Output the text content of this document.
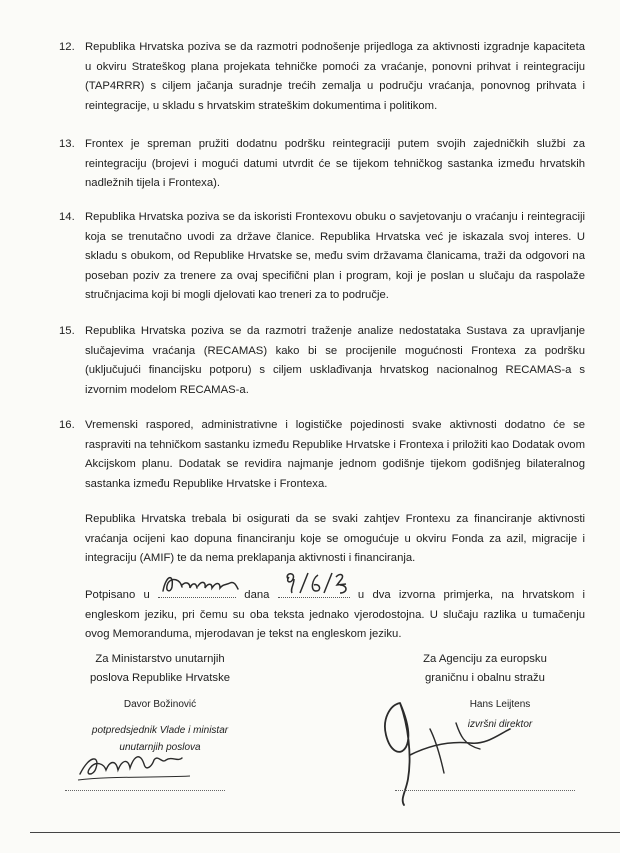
12. Republika Hrvatska poziva se da razmotri podnošenje prijedloga za aktivnosti izgradnje kapaciteta u okviru Strateškog plana projekata tehničke pomoći za vraćanje, ponovni prihvat i reintegraciju (TAP4RRR) s ciljem jačanja suradnje trećih zemalja u području vraćanja, ponovnog prihvata i reintegracije, u skladu s hrvatskim strateškim dokumentima i politikom.
13. Frontex je spreman pružiti dodatnu podršku reintegraciji putem svojih zajedničkih službi za reintegraciju (brojevi i mogući datumi utvrdit će se tijekom tehničkog sastanka između hrvatskih nadležnih tijela i Frontexa).
14. Republika Hrvatska poziva se da iskoristi Frontexovu obuku o savjetovanju o vraćanju i reintegraciji koja se trenutačno uvodi za države članice. Republika Hrvatska već je iskazala svoj interes. U skladu s obukom, od Republike Hrvatske se, među svim državama članicama, traži da odgovori na poseban poziv za trenere za ovaj specifični plan i program, koji je poslan u slučaju da raspolaže stručnjacima koji bi mogli djelovati kao treneri za to područje.
15. Republika Hrvatska poziva se da razmotri traženje analize nedostataka Sustava za upravljanje slučajevima vraćanja (RECAMAS) kako bi se procijenile mogućnosti Frontexa za podršku (uključujući financijsku potporu) s ciljem usklađivanja hrvatskog nacionalnog RECAMAS-a s izvornim modelom RECAMAS-a.
16. Vremenski raspored, administrativne i logističke pojedinosti svake aktivnosti dodatno će se raspraviti na tehničkom sastanku između Republike Hrvatske i Frontexa i priložiti kao Dodatak ovom Akcijskom planu. Dodatak se revidira najmanje jednom godišnje tijekom godišnjeg bilateralnog sastanka između Republike Hrvatske i Frontexa.
Republika Hrvatska trebala bi osigurati da se svaki zahtjev Frontexu za financiranje aktivnosti vraćanja ocijeni kao dopuna financiranju koje se omogućuje u okviru Fonda za azil, migracije i integraciju (AMIF) te da nema preklapanja aktivnosti i financiranja.
Potpisano u	dana	u dva izvorna primjerka, na hrvatskom i engleskom jeziku, pri čemu su oba teksta jednako vjerodostojna. U slučaju razlika u tumačenju ovog Memoranduma, mjerodavan je tekst na engleskom jeziku.
Za Ministarstvo unutarnjih
poslova Republike Hrvatske
Davor Božinović
potpredsjednik Vlade i ministar
unutarnjih poslova
Za Agenciju za europsku
graničnu i obalnu stražu
Hans Leijtens
izvršni direktor
